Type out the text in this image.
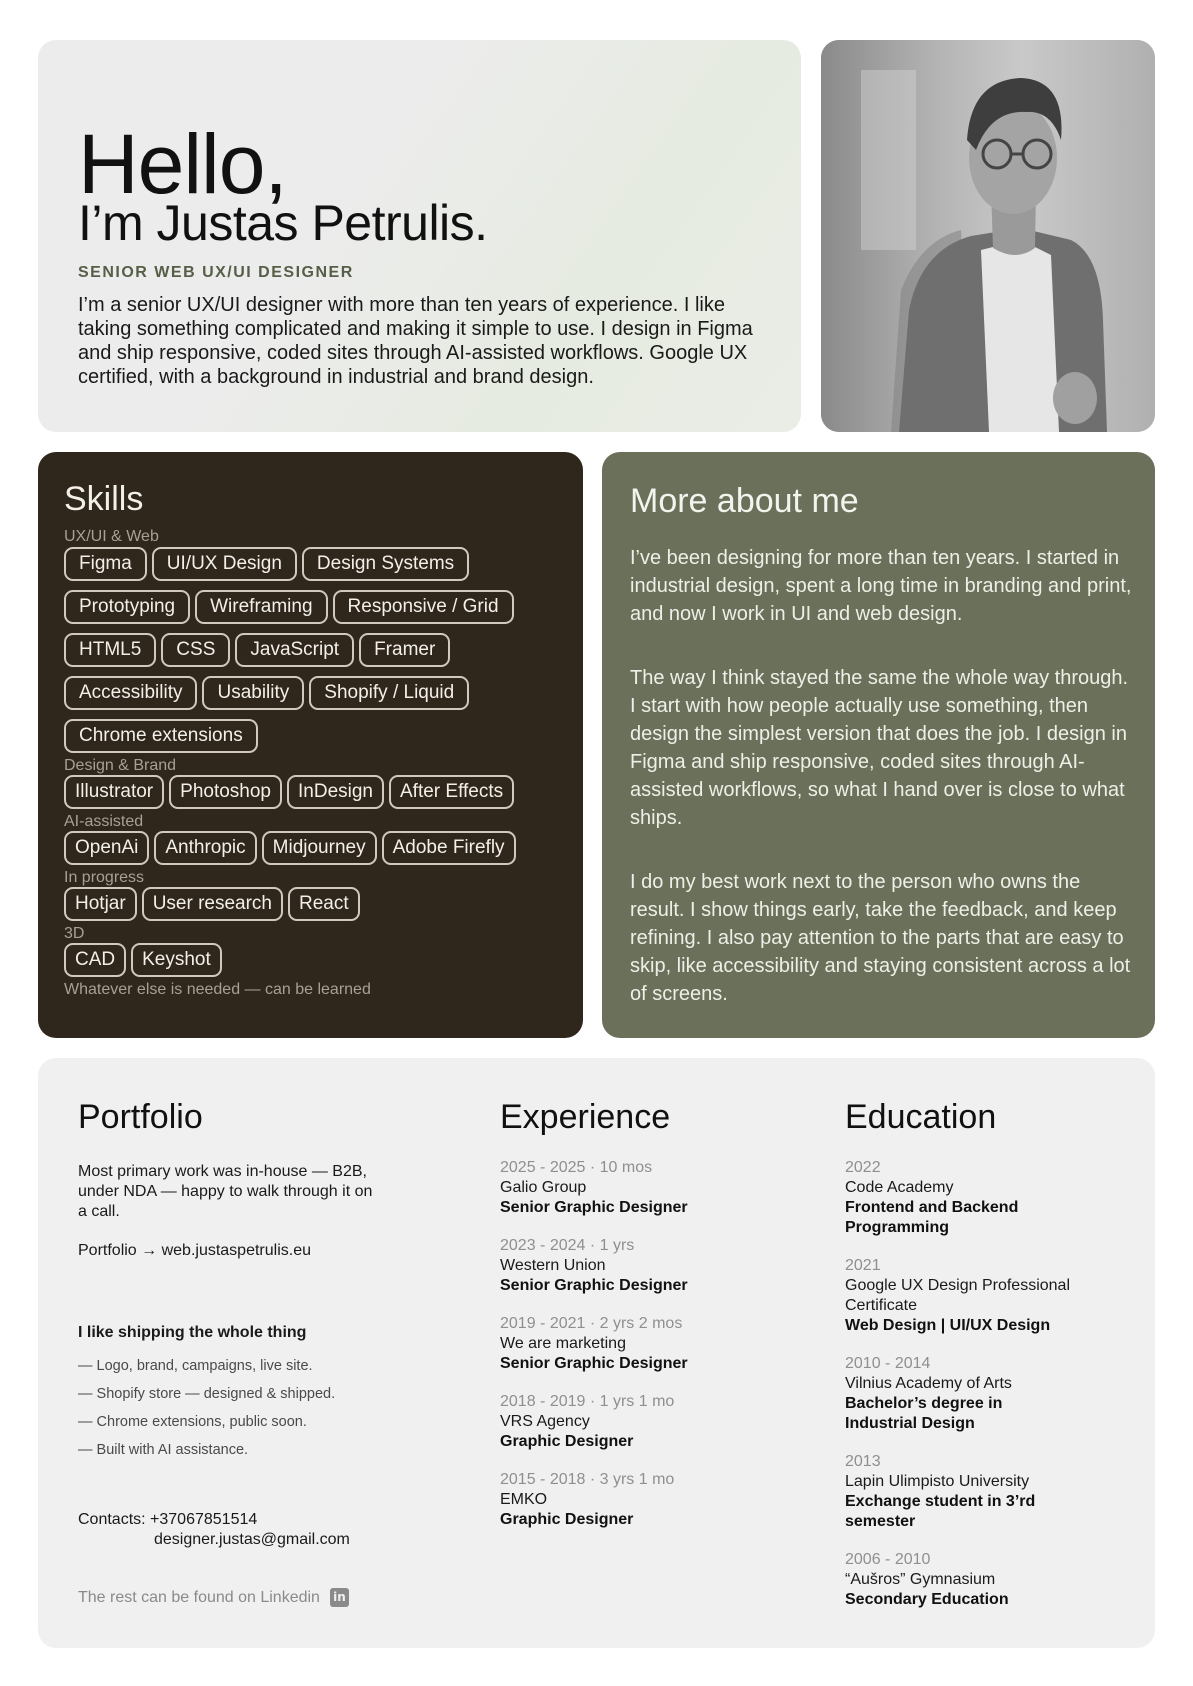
Hello,
I’m Justas Petrulis.
SENIOR WEB UX/UI DESIGNER
I’m a senior UX/UI designer with more than ten years of experience. I like taking something complicated and making it simple to use. I design in Figma and ship responsive, coded sites through AI-assisted workflows. Google UX certified, with a background in industrial and brand design.
Skills
UX/UI & Web
Figma	UI/UX Design	Design Systems
Prototyping	Wireframing	Responsive / Grid
HTML5	CSS	JavaScript	Framer
Accessibility	Usability	Shopify / Liquid
Chrome extensions
Design & Brand
Illustrator	Photoshop	InDesign	After Effects
AI-assisted
OpenAi	Anthropic	Midjourney	Adobe Firefly
In progress
Hotjar	User research	React
3D
CAD	Keyshot
Whatever else is needed — can be learned
More about me

I’ve been designing for more than ten years. I started in industrial design, spent a long time in branding and print, and now I work in UI and web design.

The way I think stayed the same the whole way through. I start with how people actually use something, then design the simplest version that does the job. I design in Figma and ship responsive, coded sites through AI-assisted workflows, so what I hand over is close to what ships.

I do my best work next to the person who owns the result. I show things early, take the feedback, and keep refining. I also pay attention to the parts that are easy to skip, like accessibility and staying consistent across a lot of screens.

Portfolio
Most primary work was in-house — B2B, under NDA — happy to walk through it on a call.
Portfolio → web.justaspetrulis.eu
I like shipping the whole thing
— Logo, brand, campaigns, live site.
— Shopify store — designed & shipped.
— Chrome extensions, public soon.
— Built with AI assistance.
Contacts: +37067851514
designer.justas@gmail.com
The rest can be found on Linkedin in
Experience
2025 - 2025 · 10 mos
Galio Group
Senior Graphic Designer
2023 - 2024 · 1 yrs
Western Union
Senior Graphic Designer
2019 - 2021 · 2 yrs 2 mos
We are marketing
Senior Graphic Designer
2018 - 2019 · 1 yrs 1 mo
VRS Agency
Graphic Designer
2015 - 2018 · 3 yrs 1 mo
EMKO
Graphic Designer
Education
2022
Code Academy
Frontend and Backend Programming
2021
Google UX Design Professional Certificate
Web Design | UI/UX Design
2010 - 2014
Vilnius Academy of Arts
Bachelor’s degree in Industrial Design
2013
Lapin Ulimpisto University
Exchange student in 3’rd semester
2006 - 2010
“Aušros” Gymnasium
Secondary Education
